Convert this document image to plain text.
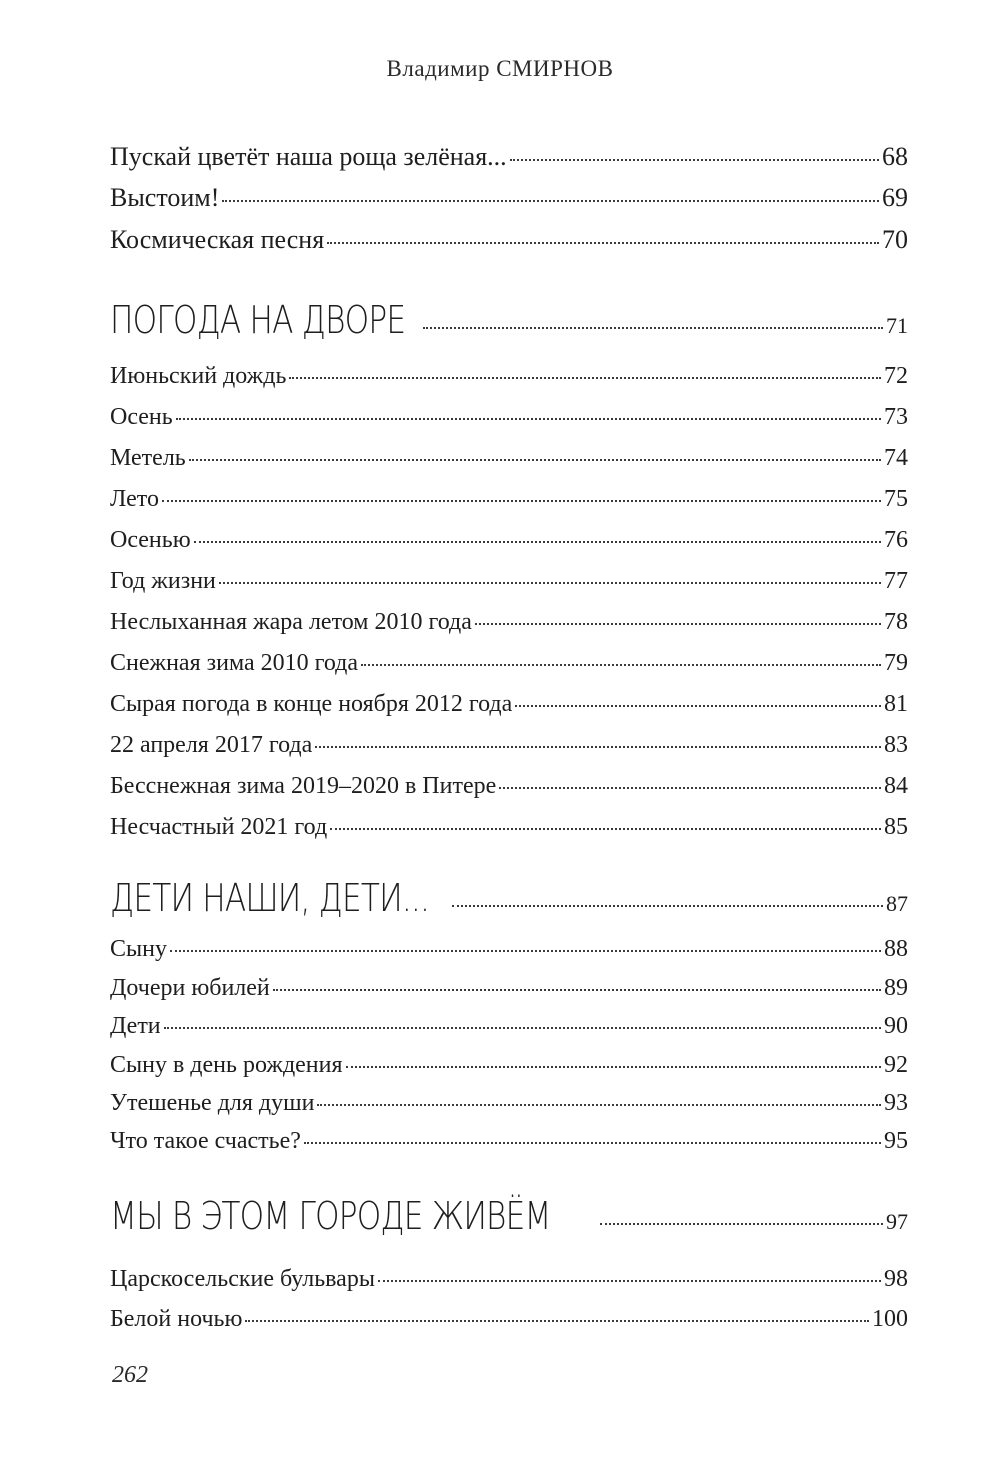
Владимир СМИРНОВ
Пускай цветёт наша роща зелёная...	68
Выстоим!	69
Космическая песня	70
ПОГОДА НА ДВОРЕ	71
Июньский дождь	72
Осень	73
Метель	74
Лето	75
Осенью	76
Год жизни	77
Неслыханная жара летом 2010 года	78
Снежная зима 2010 года	79
Сырая погода в конце ноября 2012 года	81
22 апреля 2017 года	83
Бесснежная зима 2019–2020 в Питере	84
Несчастный 2021 год	85
ДЕТИ НАШИ, ДЕТИ...	87
Сыну	88
Дочери юбилей	89
Дети	90
Сыну в день рождения	92
Утешенье для души	93
Что такое счастье?	95
МЫ В ЭТОМ ГОРОДЕ ЖИВЁМ	97
Царскосельские бульвары	98
Белой ночью	100
262
